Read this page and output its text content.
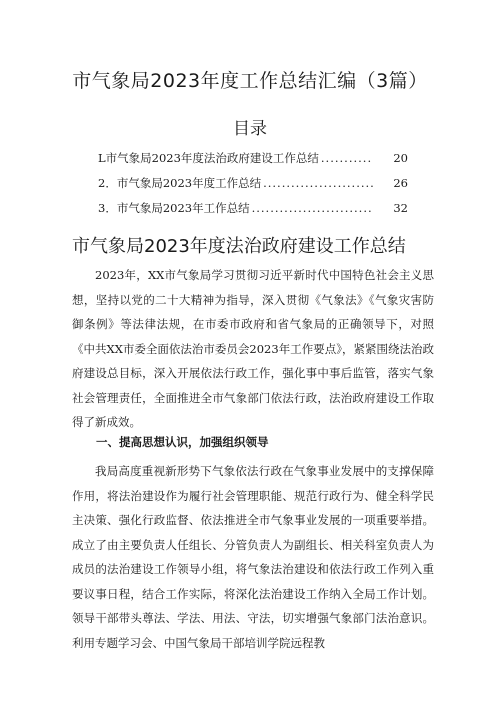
市气象局2023年度工作总结汇编（3篇）
目录
L市气象局2023年度法治政府建设工作总结 ...........	20
2．市气象局2023年度工作总结 ........................	26
3．市气象局2023年工作总结 ..........................	32
市气象局2023年度法治政府建设工作总结

2023年，XX市气象局学习贯彻习近平新时代中国特色社会主义思想，坚持以党的二十大精神为指导，深入贯彻《气象法》《气象灾害防御条例》等法律法规，在市委市政府和省气象局的正确领导下，对照《中共XX市委全面依法治市委员会2023年工作要点》，紧紧围绕法治政府建设总目标，深入开展依法行政工作，强化事中事后监管，落实气象社会管理责任，全面推进全市气象部门依法行政，法治政府建设工作取得了新成效。

一、提高思想认识，加强组织领导

我局高度重视新形势下气象依法行政在气象事业发展中的支撑保障作用，将法治建设作为履行社会管理职能、规范行政行为、健全科学民主决策、强化行政监督、依法推进全市气象事业发展的一项重要举措。成立了由主要负责人任组长、分管负责人为副组长、相关科室负责人为成员的法治建设工作领导小组，将气象法治建设和依法行政工作列入重要议事日程，结合工作实际，将深化法治建设工作纳入全局工作计划。领导干部带头尊法、学法、用法、守法，切实增强气象部门法治意识。利用专题学习会、中国气象局干部培训学院远程教
